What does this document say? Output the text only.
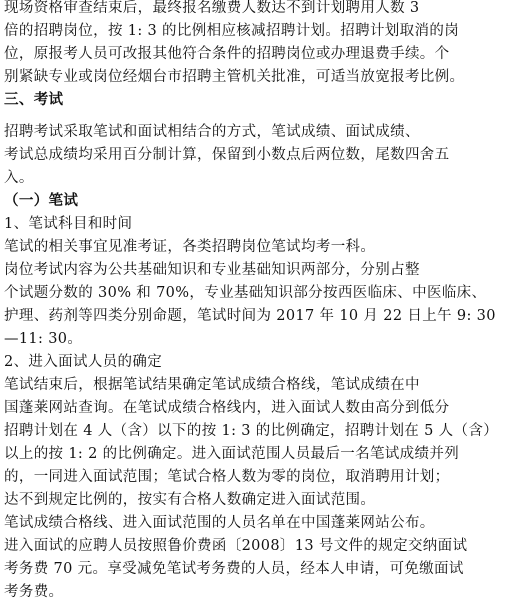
现场资格审查结束后，最终报名缴费人数达不到计划聘用人数 3
倍的招聘岗位，按 1: 3 的比例相应核减招聘计划。招聘计划取消的岗
位，原报考人员可改报其他符合条件的招聘岗位或办理退费手续。个
别紧缺专业或岗位经烟台市招聘主管机关批准，可适当放宽报考比例。
三、考试
招聘考试采取笔试和面试相结合的方式，笔试成绩、面试成绩、
考试总成绩均采用百分制计算，保留到小数点后两位数，尾数四舍五
入。
（一）笔试
1、笔试科目和时间
笔试的相关事宜见准考证，各类招聘岗位笔试均考一科。
岗位考试内容为公共基础知识和专业基础知识两部分，分别占整
个试题分数的 30% 和 70%，专业基础知识部分按西医临床、中医临床、
护理、药剂等四类分别命题，笔试时间为 2017 年 10 月 22 日上午 9: 30
—11: 30。
2、进入面试人员的确定
笔试结束后，根据笔试结果确定笔试成绩合格线，笔试成绩在中
国蓬莱网站查询。在笔试成绩合格线内，进入面试人数由高分到低分
招聘计划在 4 人（含）以下的按 1: 3 的比例确定，招聘计划在 5 人（含）
以上的按 1: 2 的比例确定。进入面试范围人员最后一名笔试成绩并列
的，一同进入面试范围；笔试合格人数为零的岗位，取消聘用计划；
达不到规定比例的，按实有合格人数确定进入面试范围。
笔试成绩合格线、进入面试范围的人员名单在中国蓬莱网站公布。
进入面试的应聘人员按照鲁价费函〔2008〕13 号文件的规定交纳面试
考务费 70 元。享受减免笔试考务费的人员，经本人申请，可免缴面试
考务费。
